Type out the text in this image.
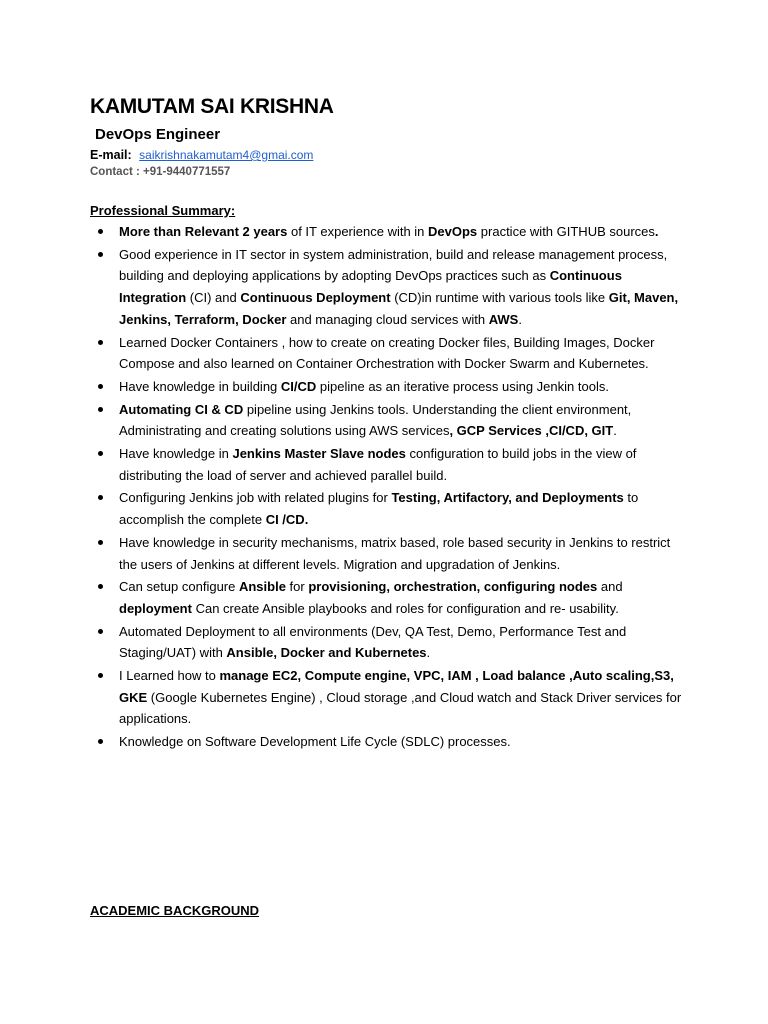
KAMUTAM SAI KRISHNA
DevOps Engineer
E-mail: saikrishnakamutam4@gmai.com
Contact : +91-9440771557
Professional Summary:
More than Relevant 2 years of IT experience with in DevOps practice with GITHUB sources.
Good experience in IT sector in system administration, build and release management process, building and deploying applications by adopting DevOps practices such as Continuous Integration (CI) and Continuous Deployment (CD)in runtime with various tools like Git, Maven, Jenkins, Terraform, Docker and managing cloud services with AWS.
Learned Docker Containers , how to create on creating Docker files, Building Images, Docker Compose and also learned on Container Orchestration with Docker Swarm and Kubernetes.
Have knowledge in building CI/CD pipeline as an iterative process using Jenkin tools.
Automating CI & CD pipeline using Jenkins tools. Understanding the client environment, Administrating and creating solutions using AWS services, GCP Services ,CI/CD, GIT.
Have knowledge in Jenkins Master Slave nodes configuration to build jobs in the view of distributing the load of server and achieved parallel build.
Configuring Jenkins job with related plugins for Testing, Artifactory, and Deployments to accomplish the complete CI /CD.
Have knowledge in security mechanisms, matrix based, role based security in Jenkins to restrict the users of Jenkins at different levels. Migration and upgradation of Jenkins.
Can setup configure Ansible for provisioning, orchestration, configuring nodes and deployment Can create Ansible playbooks and roles for configuration and re- usability.
Automated Deployment to all environments (Dev, QA Test, Demo, Performance Test and Staging/UAT) with Ansible, Docker and Kubernetes.
I Learned how to manage EC2, Compute engine, VPC, IAM , Load balance ,Auto scaling,S3, GKE (Google Kubernetes Engine) , Cloud storage ,and Cloud watch and Stack Driver services for applications.
Knowledge on Software Development Life Cycle (SDLC) processes.
ACADEMIC BACKGROUND
